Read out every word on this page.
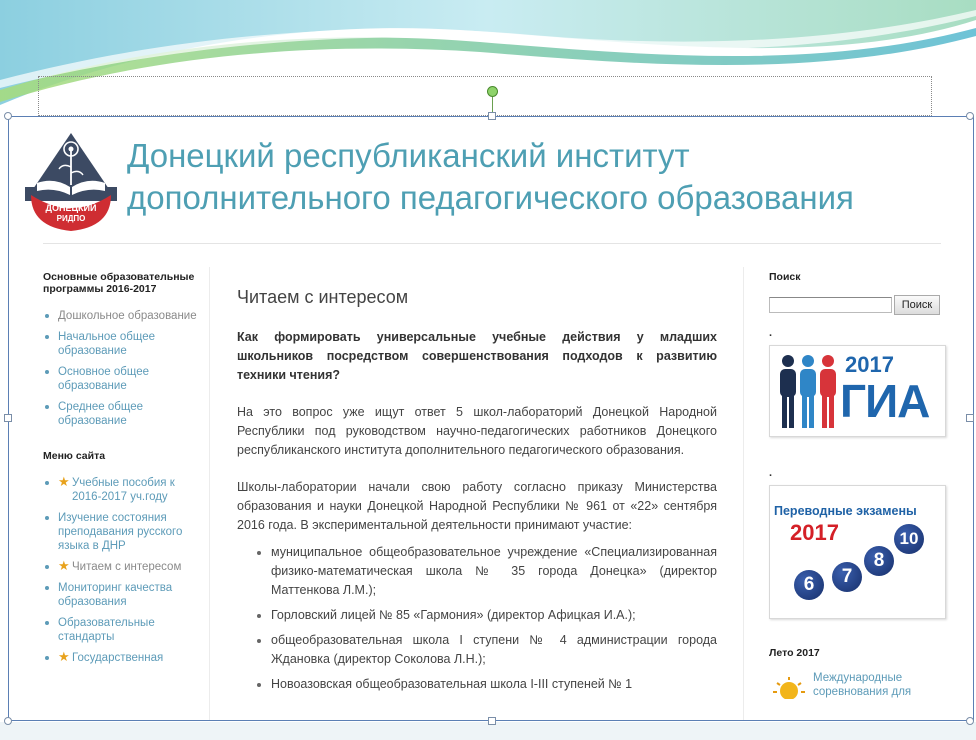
ДОНЕЦКИЙ
РИДПО
Донецкий республиканский институт
дополнительного педагогического образования
Основные образовательные программы 2016-2017
Дошкольное образование
Начальное общее образование
Основное общее образование
Среднее общее образование
Меню сайта
★ Учебные пособия к 2016-2017 уч.году
Изучение состояния преподавания русского языка в ДНР
★ Читаем с интересом
Мониторинг качества образования
Образовательные стандарты
★ Государственная
Читаем с интересом

Как формировать универсальные учебные действия у младших школьников посредством совершенствования подходов к развитию техники чтения?

На это вопрос уже ищут ответ 5 школ-лабораторий Донецкой Народной Республики под руководством научно-педагогических работников Донецкого республиканского института дополнительного педагогического образования.

Школы-лаборатории начали свою работу согласно приказу Министерства образования и науки Донецкой Народной Республики № 961 от «22» сентября 2016 года. В экспериментальной деятельности принимают участие:

муниципальное общеобразовательное учреждение «Специализированная физико-математическая школа № 35 города Донецка» (директор Маттенкова Л.М.);
Горловский лицей № 85 «Гармония» (директор Афицкая И.А.);
общеобразовательная школа I ступени № 4 администрации города Ждановка (директор Соколова Л.Н.);
Новоазовская общеобразовательная школа I-III ступеней № 1
Поиск
Поиск
.
2017
ГИА
.
Переводные экзамены
2017
6	7
8
10
Лето 2017
Международные соревнования для
